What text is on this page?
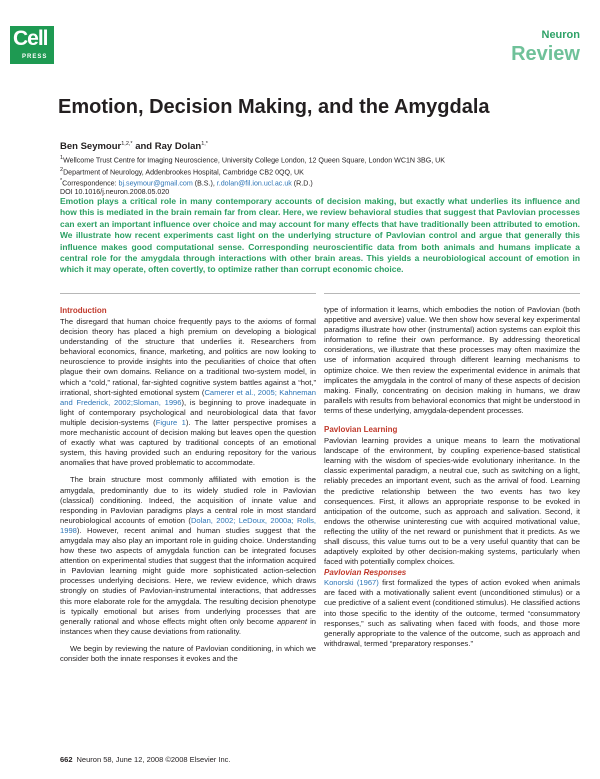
Cell
PRESS
Neuron
Review
Emotion, Decision Making, and the Amygdala
Ben Seymour$^{1,2,*}$ and Ray Dolan$^{1,*}$
$^1$Wellcome Trust Centre for Imaging Neuroscience, University College London, 12 Queen Square, London WC1N 3BG, UK
$^2$Department of Neurology, Addenbrookes Hospital, Cambridge CB2 0QQ, UK
*Correspondence: bj.seymour@gmail.com (B.S.), r.dolan@fil.ion.ucl.ac.uk (R.D.)
DOI 10.1016/j.neuron.2008.05.020
Emotion plays a critical role in many contemporary accounts of decision making, but exactly what underlies its influence and how this is mediated in the brain remain far from clear. Here, we review behavioral studies that suggest that Pavlovian processes can exert an important influence over choice and may account for many effects that have traditionally been attributed to emotion. We illustrate how recent experiments cast light on the underlying structure of Pavlovian control and argue that generally this influence makes good computational sense. Corresponding neuroscientific data from both animals and humans implicate a central role for the amygdala through interactions with other brain areas. This yields a neurobiological account of emotion in which it may operate, often covertly, to optimize rather than corrupt economic choice.
Introduction

The disregard that human choice frequently pays to the axioms of formal decision theory has placed a high premium on developing a biological understanding of the structure that underlies it. Researchers from behavioral economics, finance, marketing, and politics are now looking to neuroscience to provide insights into the peculiarities of choice that often plague their own domains. Reliance on a traditional two-system model, in which a “cold,” rational, far-sighted cognitive system battles against a “hot,” irrational, short-sighted emotional system (Camerer et al., 2005; Kahneman and Frederick, 2002;Sloman, 1996), is beginning to prove inadequate in light of contemporary psychological and neurobiological data that favor multiple decision-systems (Figure 1). The latter perspective promises a more mechanistic account of decision making but leaves open the question of exactly what was captured by traditional concepts of an emotional system, this having provided such an enduring repository for the various anomalies that have proved problematic to accommodate.

The brain structure most commonly affiliated with emotion is the amygdala, predominantly due to its widely studied role in Pavlovian (classical) conditioning. Indeed, the acquisition of innate value and responding in Pavlovian paradigms plays a central role in most standard neurobiological accounts of emotion (Dolan, 2002; LeDoux, 2000a; Rolls, 1998). However, recent animal and human studies suggest that the amygdala may also play an important role in guiding choice. Understanding how these two aspects of amygdala function can be integrated focuses attention on experimental studies that suggest that the information acquired in Pavlovian learning might guide more sophisticated action-selection processes underlying decisions. Here, we review evidence, which draws strongly on studies of Pavlovian-instrumental interactions, that addresses this more elaborate role for the amygdala. The resulting decision phenotype is typically emotional but arises from underlying processes that are generally rational and whose effects might often only become apparent in instances when they cause deviations from rationality.

We begin by reviewing the nature of Pavlovian conditioning, in which we consider both the innate responses it evokes and the

type of information it learns, which embodies the notion of Pavlovian (both appetitive and aversive) value. We then show how several key experimental paradigms illustrate how other (instrumental) action systems can exploit this information to refine their own performance. By addressing theoretical considerations, we illustrate that these processes may often maximize the use of information acquired through different learning mechanisms to optimize choice. We then review the experimental evidence in animals that implicates the amygdala in the control of many of these aspects of decision making. Finally, concentrating on decision making in humans, we draw parallels with results from behavioral economics that might be understood in terms of these underlying, amygdala-dependent processes.

Pavlovian Learning

Pavlovian learning provides a unique means to learn the motivational landscape of the environment, by coupling experience-based statistical learning with the wisdom of species-wide evolutionary inheritance. In the classic experimental paradigm, a neutral cue, such as switching on a light, reliably precedes an important event, such as the arrival of food. Learning the predictive relationship between the two events has two key consequences. First, it allows an appropriate response to be evoked in anticipation of the outcome, such as approach and salivation. Second, it endows the otherwise uninteresting cue with acquired motivational value, reflecting the utility of the net reward or punishment that it predicts. As we shall discuss, this value turns out to be a very useful quantity that can be adaptively exploited by other decision-making systems, particularly when faced with potentially complex choices.

Pavlovian Responses

Konorski (1967) first formalized the types of action evoked when animals are faced with a motivationally salient event (unconditioned stimulus) or a cue predictive of a salient event (conditioned stimulus). He classified actions into those specific to the identity of the outcome, termed “consummatory responses,” such as salivating when faced with foods, and those more generally appropriate to the valence of the outcome, such as approach and withdrawal, termed “preparatory responses.”

662 Neuron 58, June 12, 2008 ©2008 Elsevier Inc.
